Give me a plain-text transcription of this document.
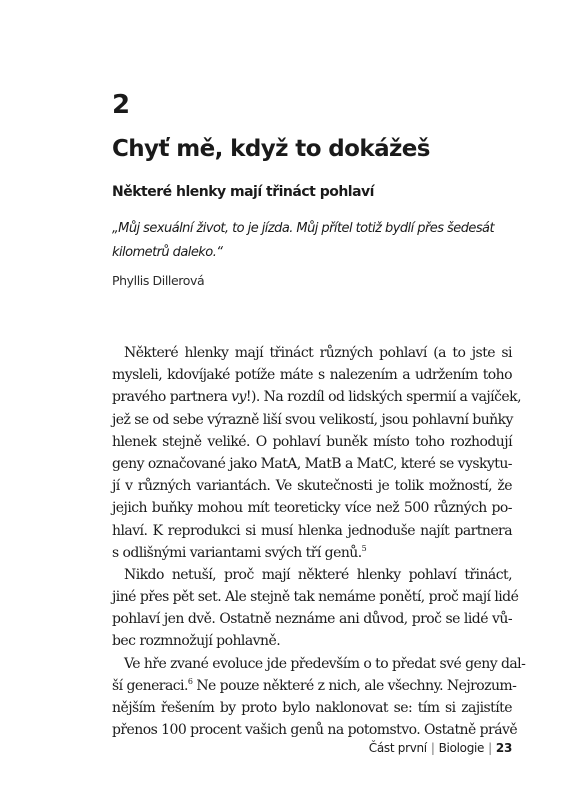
2
Chyť mě, když to dokážeš
Některé hlenky mají třináct pohlaví
„Můj sexuální život, to je jízda. Můj přítel totiž bydlí přes šedesát
kilometrů daleko.“
Phyllis Dillerová
Některé hlenky mají třináct různých pohlaví (a to jste si
mysleli, kdovíjaké potíže máte s nalezením a udržením toho
pravého partnera vy!). Na rozdíl od lidských spermií a vajíček,
jež se od sebe výrazně liší svou velikostí, jsou pohlavní buňky
hlenek stejně veliké. O pohlaví buněk místo toho rozhodují
geny označované jako MatA, MatB a MatC, které se vyskytu-
jí v různých variantách. Ve skutečnosti je tolik možností, že
jejich buňky mohou mít teoreticky více než 500 různých po-
hlaví. K reprodukci si musí hlenka jednoduše najít partnera
s odlišnými variantami svých tří genů.$^5$
Nikdo netuší, proč mají některé hlenky pohlaví třináct,
jiné přes pět set. Ale stejně tak nemáme ponětí, proč mají lidé
pohlaví jen dvě. Ostatně neznáme ani důvod, proč se lidé vů-
bec rozmnožují pohlavně.
Ve hře zvané evoluce jde především o to předat své geny dal-
ší generaci.$^6$ Ne pouze některé z nich, ale všechny. Nejrozum-
nějším řešením by proto bylo naklonovat se: tím si zajistíte
přenos 100 procent vašich genů na potomstvo. Ostatně právě
Část první | Biologie | 23
